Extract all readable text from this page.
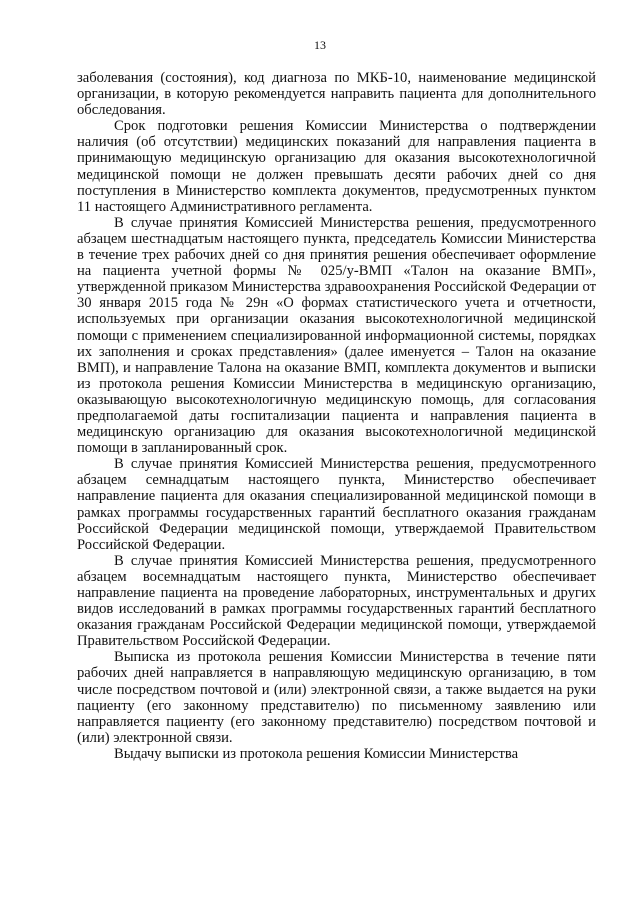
13

заболевания (состояния), код диагноза по МКБ-10, наименование медицинской организации, в которую рекомендуется направить пациента для дополнительного обследования.

Срок подготовки решения Комиссии Министерства о подтверждении наличия (об отсутствии) медицинских показаний для направления пациента в принимающую медицинскую организацию для оказания высокотехнологичной медицинской помощи не должен превышать десяти рабочих дней со дня поступления в Министерство комплекта документов, предусмотренных пунктом 11 настоящего Административного регламента.

В случае принятия Комиссией Министерства решения, предусмотренного абзацем шестнадцатым настоящего пункта, председатель Комиссии Министерства в течение трех рабочих дней со дня принятия решения обеспечивает оформление на пациента учетной формы № 025/у-ВМП «Талон на оказание ВМП», утвержденной приказом Министерства здравоохранения Российской Федерации от 30 января 2015 года № 29н «О формах статистического учета и отчетности, используемых при организации оказания высокотехнологичной медицинской помощи с применением специализированной информационной системы, порядках их заполнения и сроках представления» (далее именуется – Талон на оказание ВМП), и направление Талона на оказание ВМП, комплекта документов и выписки из протокола решения Комиссии Министерства в медицинскую организацию, оказывающую высокотехнологичную медицинскую помощь, для согласования предполагаемой даты госпитализации пациента и направления пациента в медицинскую организацию для оказания высокотехнологичной медицинской помощи в запланированный срок.

В случае принятия Комиссией Министерства решения, предусмотренного абзацем семнадцатым настоящего пункта, Министерство обеспечивает направление пациента для оказания специализированной медицинской помощи в рамках программы государственных гарантий бесплатного оказания гражданам Российской Федерации медицинской помощи, утверждаемой Правительством Российской Федерации.

В случае принятия Комиссией Министерства решения, предусмотренного абзацем восемнадцатым настоящего пункта, Министерство обеспечивает направление пациента на проведение лабораторных, инструментальных и других видов исследований в рамках программы государственных гарантий бесплатного оказания гражданам Российской Федерации медицинской помощи, утверждаемой Правительством Российской Федерации.

Выписка из протокола решения Комиссии Министерства в течение пяти рабочих дней направляется в направляющую медицинскую организацию, в том числе посредством почтовой и (или) электронной связи, а также выдается на руки пациенту (его законному представителю) по письменному заявлению или направляется пациенту (его законному представителю) посредством почтовой и (или) электронной связи.

Выдачу выписки из протокола решения Комиссии Министерства
